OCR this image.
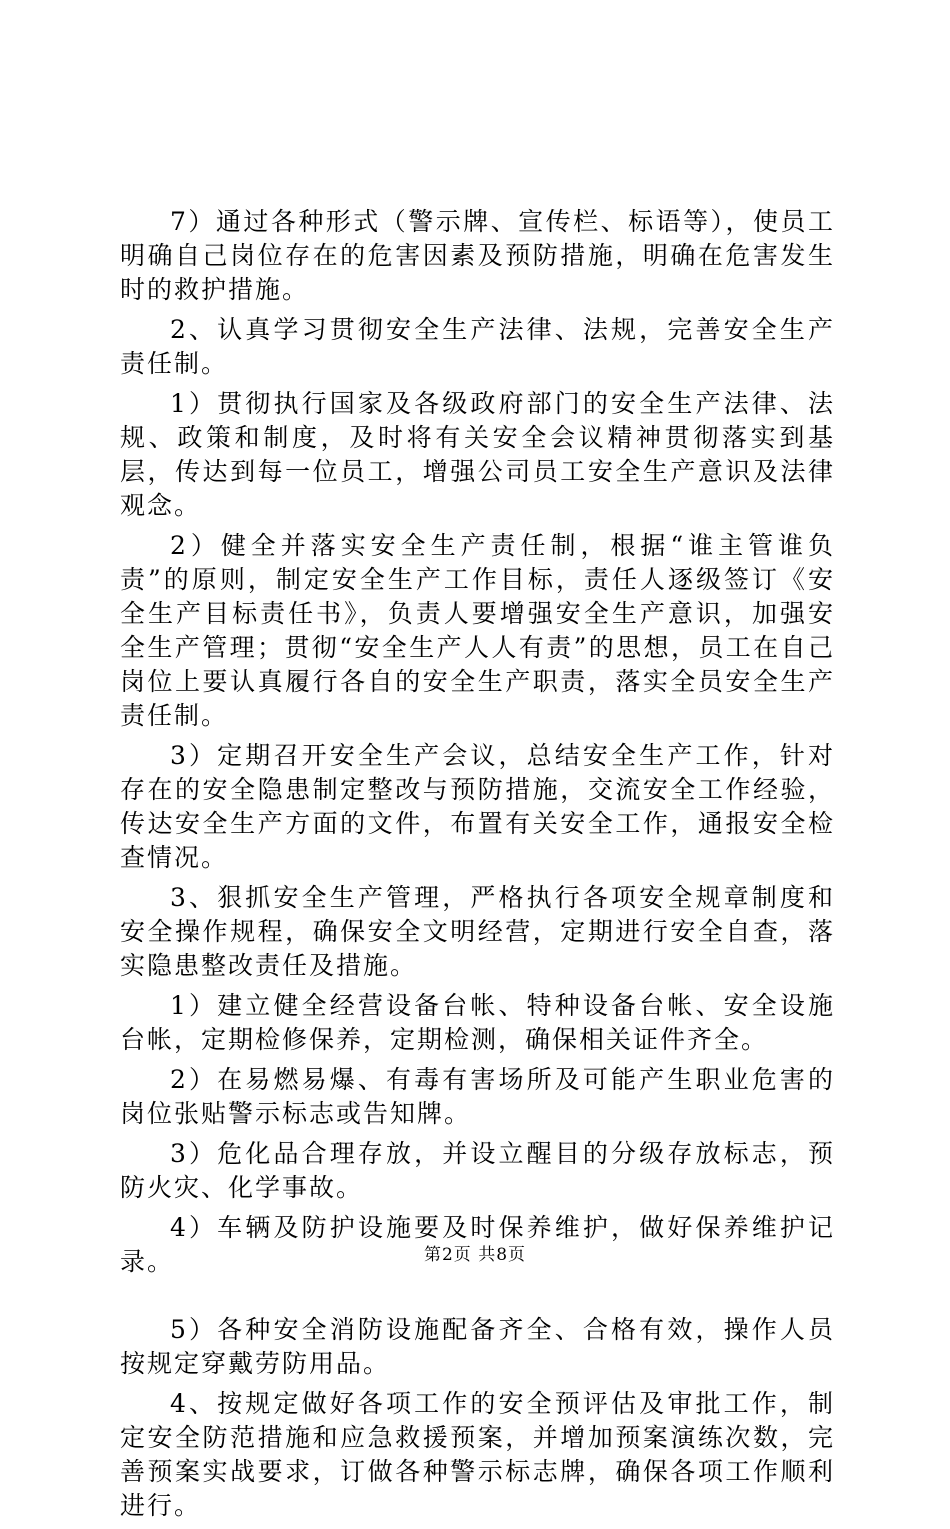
7）通过各种形式（警示牌、宣传栏、标语等），使员工明确自己岗位存在的危害因素及预防措施，明确在危害发生时的救护措施。

2、认真学习贯彻安全生产法律、法规，完善安全生产责任制。

1）贯彻执行国家及各级政府部门的安全生产法律、法规、政策和制度，及时将有关安全会议精神贯彻落实到基层，传达到每一位员工，增强公司员工安全生产意识及法律观念。

2）健全并落实安全生产责任制，根据“谁主管谁负责”的原则，制定安全生产工作目标，责任人逐级签订《安全生产目标责任书》，负责人要增强安全生产意识，加强安全生产管理；贯彻“安全生产人人有责”的思想，员工在自己岗位上要认真履行各自的安全生产职责，落实全员安全生产责任制。

3）定期召开安全生产会议，总结安全生产工作，针对存在的安全隐患制定整改与预防措施，交流安全工作经验，传达安全生产方面的文件，布置有关安全工作，通报安全检查情况。

3、狠抓安全生产管理，严格执行各项安全规章制度和安全操作规程，确保安全文明经营，定期进行安全自查，落实隐患整改责任及措施。

1）建立健全经营设备台帐、特种设备台帐、安全设施台帐，定期检修保养，定期检测，确保相关证件齐全。

2）在易燃易爆、有毒有害场所及可能产生职业危害的岗位张贴警示标志或告知牌。

3）危化品合理存放，并设立醒目的分级存放标志，预防火灾、化学事故。

4）车辆及防护设施要及时保养维护，做好保养维护记录。

5）各种安全消防设施配备齐全、合格有效，操作人员按规定穿戴劳防用品。

4、按规定做好各项工作的安全预评估及审批工作，制定安全防范措施和应急救援预案，并增加预案演练次数，完善预案实战要求，订做各种警示标志牌，确保各项工作顺利进行。

第2页 共8页
